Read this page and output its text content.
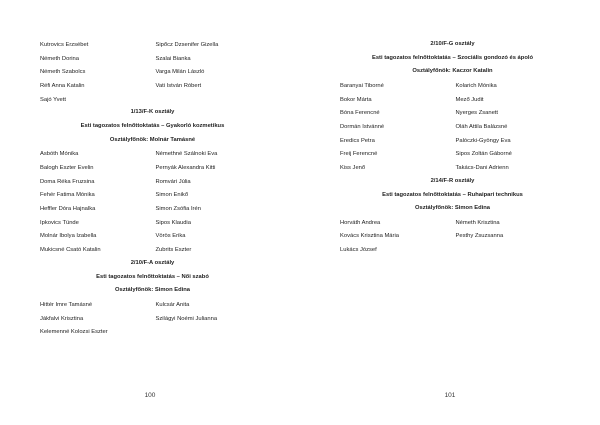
Kutrovics Erzsébet	Sipőcz Dzsenifer Gizella
Németh Dorina	Szalai Bianka
Németh Szabolcs	Varga Milán László
Réfi Anna Katalin	Vati István Róbert
Sajó Yvett
1/13/F-K osztály
Esti tagozatos felnőttoktatás – Gyakorló kozmetikus
Osztályfőnök: Molnár Tamásné
Asbóth Mónika	Némethné Szálnoki Éva
Balogh Eszter Evelin	Pernyák Alexandra Kitti
Doma Réka Fruzsina	Romvári Júlia
Fehér Fatima Mónika	Simon Enikő
Heffler Dóra Hajnalka	Simon Zsófia Irén
Ipkovics Tünde	Sipos Klaudia
Molnár Ibolya Izabella	Vörös Erika
Mukicsné Csató Katalin	Zubrits Eszter
2/10/F-A osztály
Esti tagozatos felnőttoktatás – Női szabó
Osztályfőnök: Simon Edina
Hittér Imre Tamásné	Kulcsár Anita
Jákfalvi Krisztina	Szilágyi Noémi Julianna
Kelemenné Kolozsi Eszter
100
2/10/F-G osztály
Esti tagozatos felnőttoktatás – Szociális gondozó és ápoló
Osztályfőnök: Kaczor Katalin
Baranyai Tiborné	Kolarich Mónika
Bokor Márta	Mező Judit
Bóna Ferencné	Nyerges Zsanett
Dormán Istvánné	Oláh Attila Balázsné
Eredics Petra	Palóczki-Gyöngy Éva
Freij Ferencné	Sipos Zoltán Gáborné
Kiss Jenő	Takács-Dani Adrienn
2/14/F-R osztály
Esti tagozatos felnőttoktatás – Ruhaipari technikus
Osztályfőnök: Simon Edina
Horváth Andrea	Németh Krisztina
Kovács Krisztina Mária	Pesthy Zsuzsanna
Lukács József
101
